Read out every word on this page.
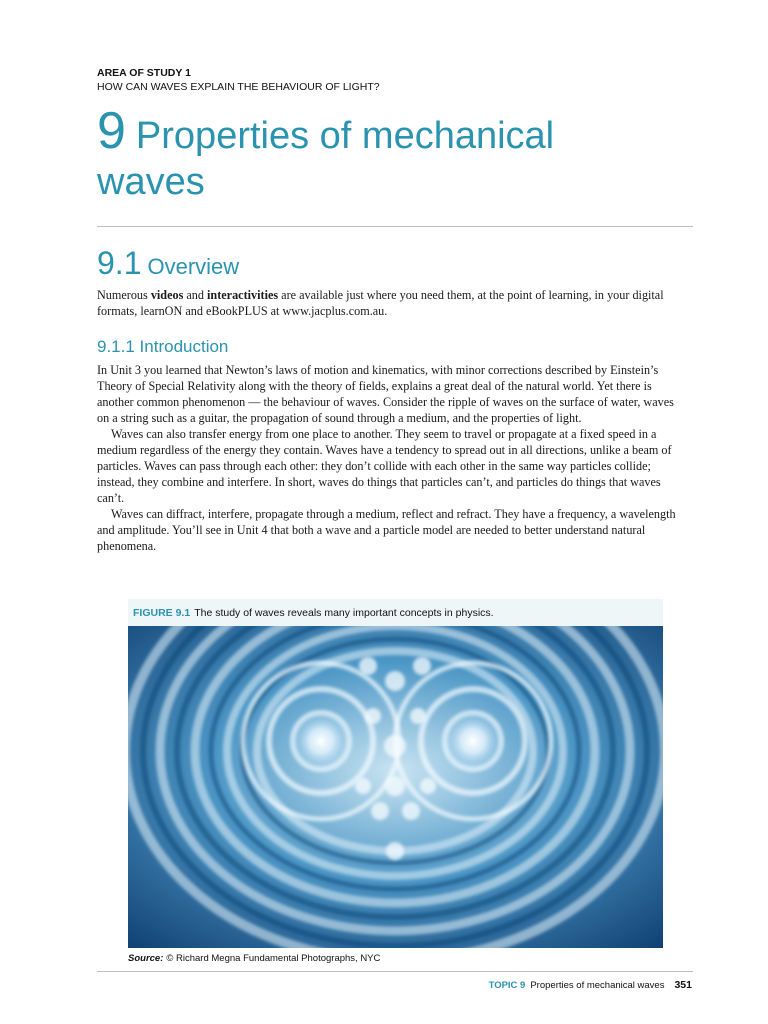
AREA OF STUDY 1
HOW CAN WAVES EXPLAIN THE BEHAVIOUR OF LIGHT?
9 Properties of mechanical
waves
9.1 Overview

Numerous videos and interactivities are available just where you need them, at the point of learning, in your digital formats, learnON and eBookPLUS at www.jacplus.com.au.

9.1.1 Introduction

In Unit 3 you learned that Newton’s laws of motion and kinematics, with minor corrections described by Einstein’s Theory of Special Relativity along with the theory of fields, explains a great deal of the natural world. Yet there is another common phenomenon — the behaviour of waves. Consider the ripple of waves on the surface of water, waves on a string such as a guitar, the propagation of sound through a medium, and the properties of light.

Waves can also transfer energy from one place to another. They seem to travel or propagate at a fixed speed in a medium regardless of the energy they contain. Waves have a tendency to spread out in all directions, unlike a beam of particles. Waves can pass through each other: they don’t collide with each other in the same way particles collide; instead, they combine and interfere. In short, waves do things that particles can’t, and particles do things that waves can’t.

Waves can diffract, interfere, propagate through a medium, reflect and refract. They have a frequency, a wavelength and amplitude. You’ll see in Unit 4 that both a wave and a particle model are needed to better understand natural phenomena.

FIGURE 9.1 The study of waves reveals many important concepts in physics.
Source: © Richard Megna Fundamental Photographs, NYC
TOPIC 9 Properties of mechanical waves 351
